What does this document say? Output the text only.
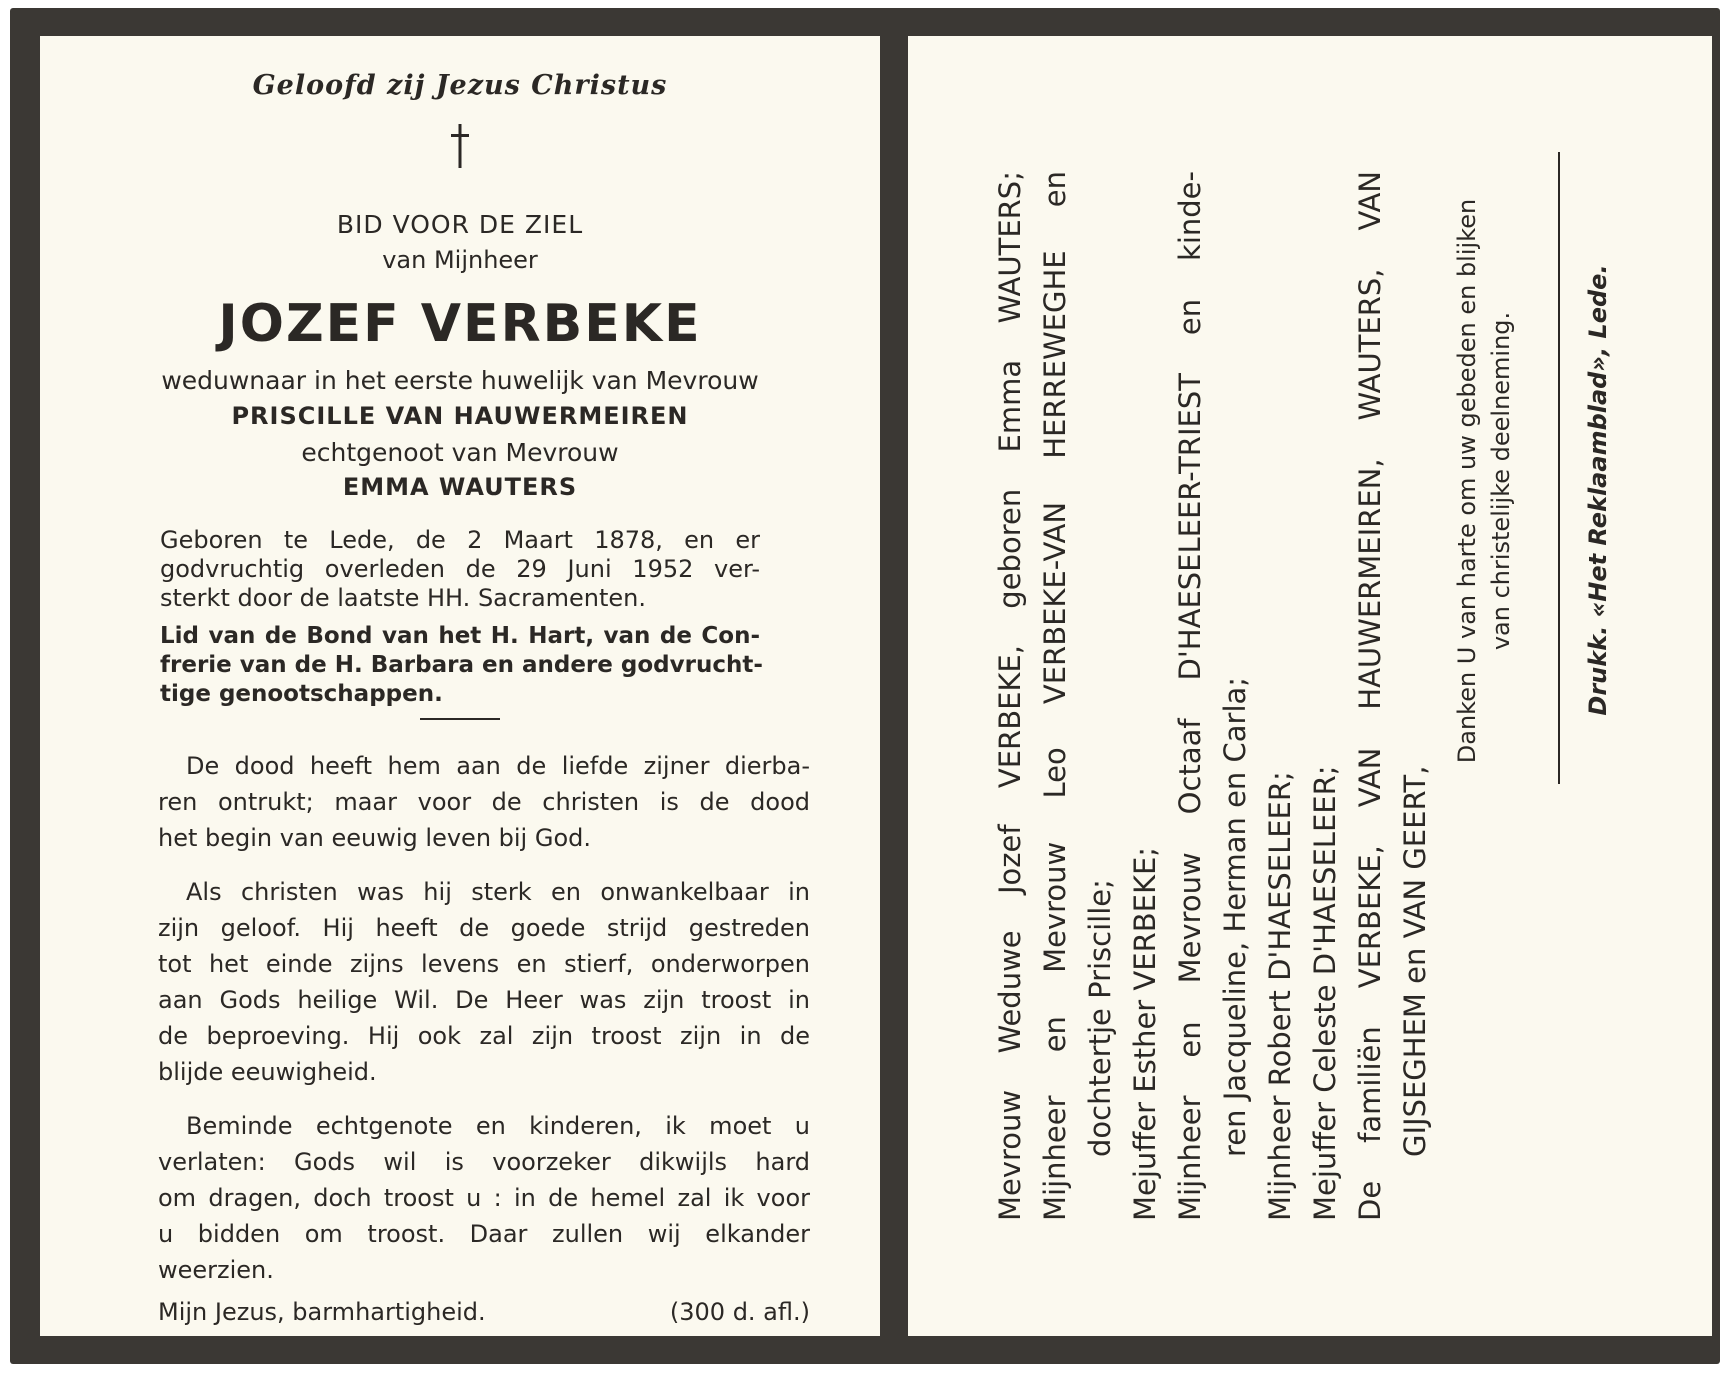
Geloofd zij Jezus Christus
BID VOOR DE ZIEL
van Mijnheer
JOZEF VERBEKE
weduwnaar in het eerste huwelijk van Mevrouw
PRISCILLE VAN HAUWERMEIREN
echtgenoot van Mevrouw
EMMA WAUTERS
Geboren te Lede, de 2 Maart 1878, en er
godvruchtig overleden de 29 Juni 1952 ver-
sterkt door de laatste HH. Sacramenten.
Lid van de Bond van het H. Hart, van de Con-
frerie van de H. Barbara en andere godvrucht-
tige genootschappen.
De dood heeft hem aan de liefde zijner dierba-
ren ontrukt; maar voor de christen is de dood
het begin van eeuwig leven bij God.
Als christen was hij sterk en onwankelbaar in
zijn geloof. Hij heeft de goede strijd gestreden
tot het einde zijns levens en stierf, onderworpen
aan Gods heilige Wil. De Heer was zijn troost in
de beproeving. Hij ook zal zijn troost zijn in de
blijde eeuwigheid.
Beminde echtgenote en kinderen, ik moet u
verlaten: Gods wil is voorzeker dikwijls hard
om dragen, doch troost u : in de hemel zal ik voor
u bidden om troost. Daar zullen wij elkander
weerzien.
Mijn Jezus, barmhartigheid.	(300 d. afl.)
Mevrouw Weduwe Jozef VERBEKE, geboren Emma WAUTERS; Mijnheer en Mevrouw Leo VERBEKE-VAN HERREWEGHE en dochtertje Priscille; Mejuffer Esther VERBEKE; Mijnheer en Mevrouw Octaaf D'HAESELEER-TRIEST en kinde- ren Jacqueline, Herman en Carla; Mijnheer Robert D'HAESELEER; Mejuffer Celeste D'HAESELEER; De familiën VERBEKE, VAN HAUWERMEIREN, WAUTERS, VAN GIJSEGHEM en VAN GEERT,
Danken U van harte om uw gebeden en blijken van christelijke deelneming.	Drukk. «Het Reklaamblad», Lede.
